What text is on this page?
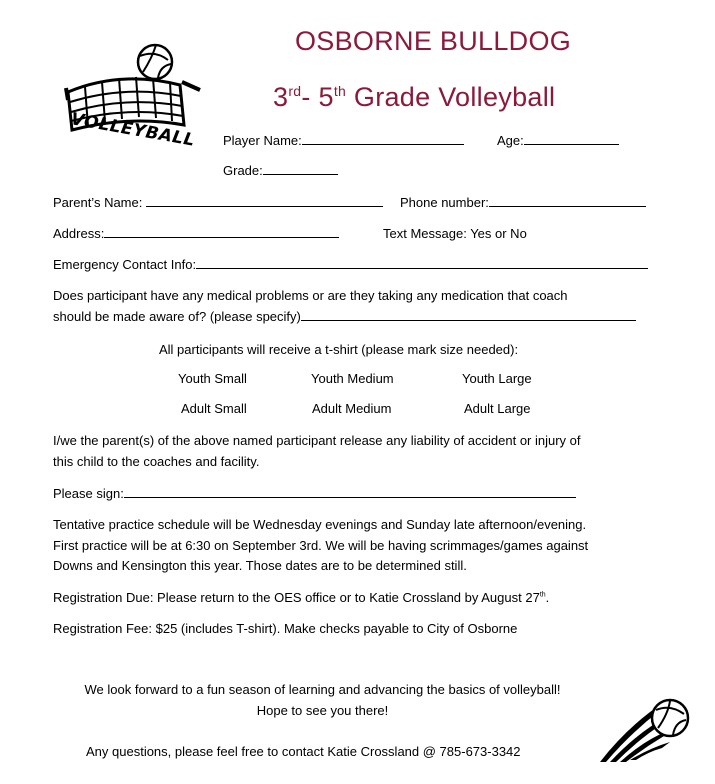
VOLLEYBALL
OSBORNE BULLDOG
3rd- 5th Grade Volleyball
Player Name:	Age:
Grade:
Parent’s Name:	Phone number:
Address:	Text Message: Yes or No
Emergency Contact Info:
Does participant have any medical problems or are they taking any medication that coach
should be made aware of? (please specify)
All participants will receive a t-shirt (please mark size needed):
Youth Small	Youth Medium	Youth Large
Adult Small	Adult Medium	Adult Large
I/we the parent(s) of the above named participant release any liability of accident or injury of
this child to the coaches and facility.
Please sign:
Tentative practice schedule will be Wednesday evenings and Sunday late afternoon/evening.
First practice will be at 6:30 on September 3rd. We will be having scrimmages/games against
Downs and Kensington this year. Those dates are to be determined still.
Registration Due: Please return to the OES office or to Katie Crossland by August 27th.
Registration Fee: $25 (includes T-shirt). Make checks payable to City of Osborne
We look forward to a fun season of learning and advancing the basics of volleyball!
Hope to see you there!
Any questions, please feel free to contact Katie Crossland @ 785-673-3342
